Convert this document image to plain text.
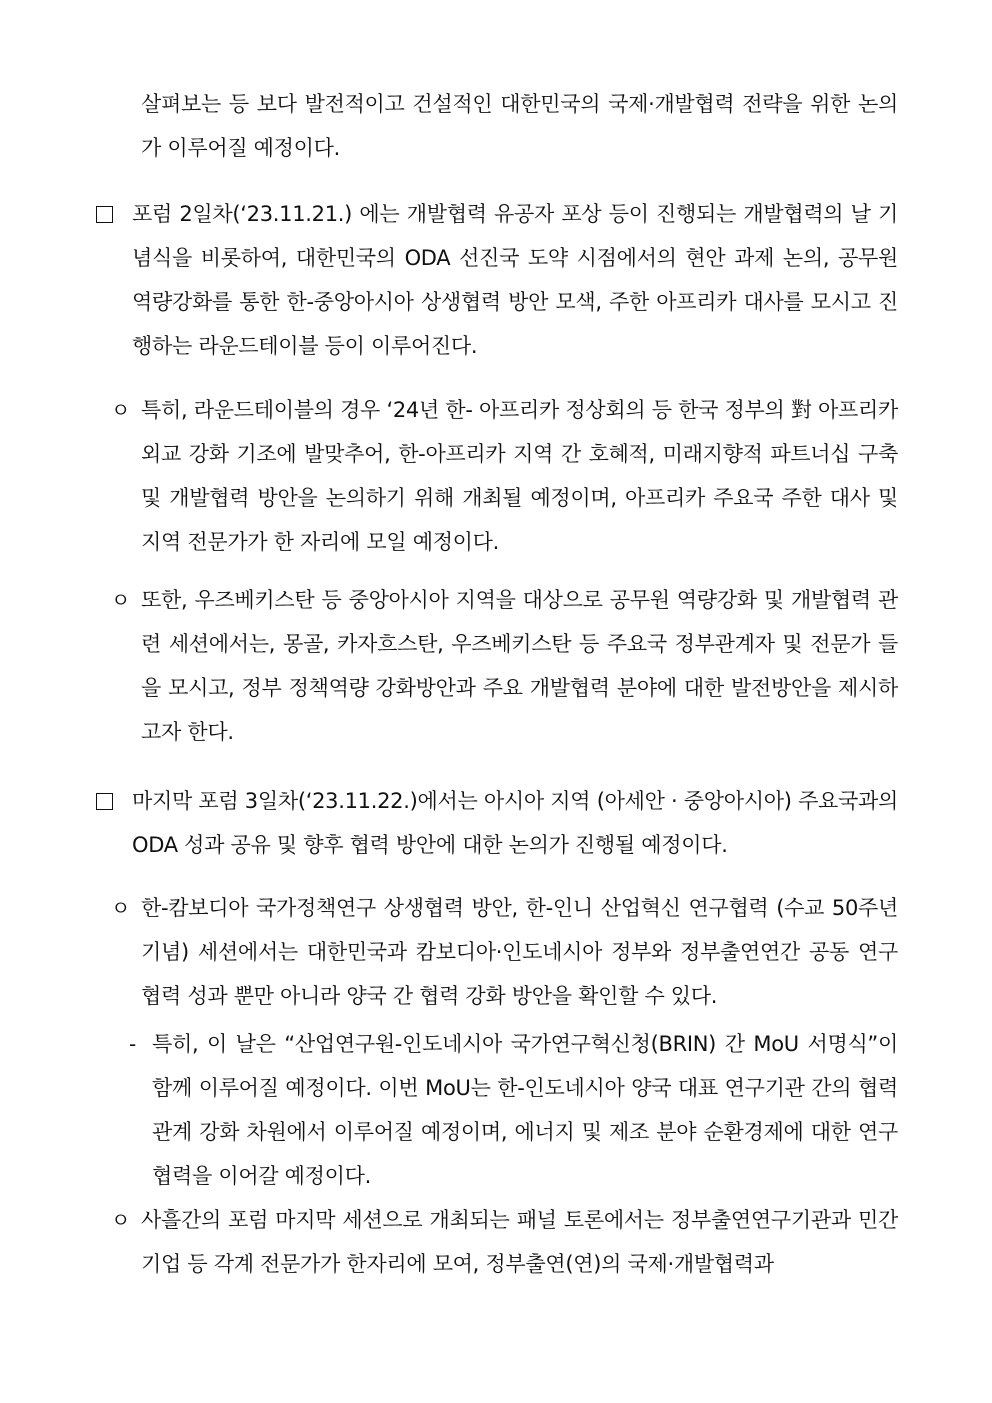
살펴보는 등 보다 발전적이고 건설적인 대한민국의 국제·개발협력 전략을 위한 논의가 이루어질 예정이다.
포럼 2일차(‘23.11.21.) 에는 개발협력 유공자 포상 등이 진행되는 개발협력의 날 기념식을 비롯하여, 대한민국의 ODA 선진국 도약 시점에서의 현안 과제 논의, 공무원 역량강화를 통한 한-중앙아시아 상생협력 방안 모색, 주한 아프리카 대사를 모시고 진행하는 라운드테이블 등이 이루어진다.
ㅇ 특히, 라운드테이블의 경우 ‘24년 한- 아프리카 정상회의 등 한국 정부의 對 아프리카 외교 강화 기조에 발맞추어, 한-아프리카 지역 간 호혜적, 미래지향적 파트너십 구축 및 개발협력 방안을 논의하기 위해 개최될 예정이며, 아프리카 주요국 주한 대사 및 지역 전문가가 한 자리에 모일 예정이다.
ㅇ 또한, 우즈베키스탄 등 중앙아시아 지역을 대상으로 공무원 역량강화 및 개발협력 관련 세션에서는, 몽골, 카자흐스탄, 우즈베키스탄 등 주요국 정부관계자 및 전문가 들을 모시고, 정부 정책역량 강화방안과 주요 개발협력 분야에 대한 발전방안을 제시하고자 한다.
마지막 포럼 3일차(‘23.11.22.)에서는 아시아 지역 (아세안 · 중앙아시아) 주요국과의 ODA 성과 공유 및 향후 협력 방안에 대한 논의가 진행될 예정이다.
ㅇ 한-캄보디아 국가정책연구 상생협력 방안, 한-인니 산업혁신 연구협력 (수교 50주년 기념) 세션에서는 대한민국과 캄보디아·인도네시아 정부와 정부출연연간 공동 연구협력 성과 뿐만 아니라 양국 간 협력 강화 방안을 확인할 수 있다.
- 특히, 이 날은 “산업연구원-인도네시아 국가연구혁신청(BRIN) 간 MoU 서명식”이 함께 이루어질 예정이다. 이번 MoU는 한-인도네시아 양국 대표 연구기관 간의 협력관계 강화 차원에서 이루어질 예정이며, 에너지 및 제조 분야 순환경제에 대한 연구협력을 이어갈 예정이다.
ㅇ 사흘간의 포럼 마지막 세션으로 개최되는 패널 토론에서는 정부출연연구기관과 민간기업 등 각계 전문가가 한자리에 모여, 정부출연(연)의 국제·개발협력과
